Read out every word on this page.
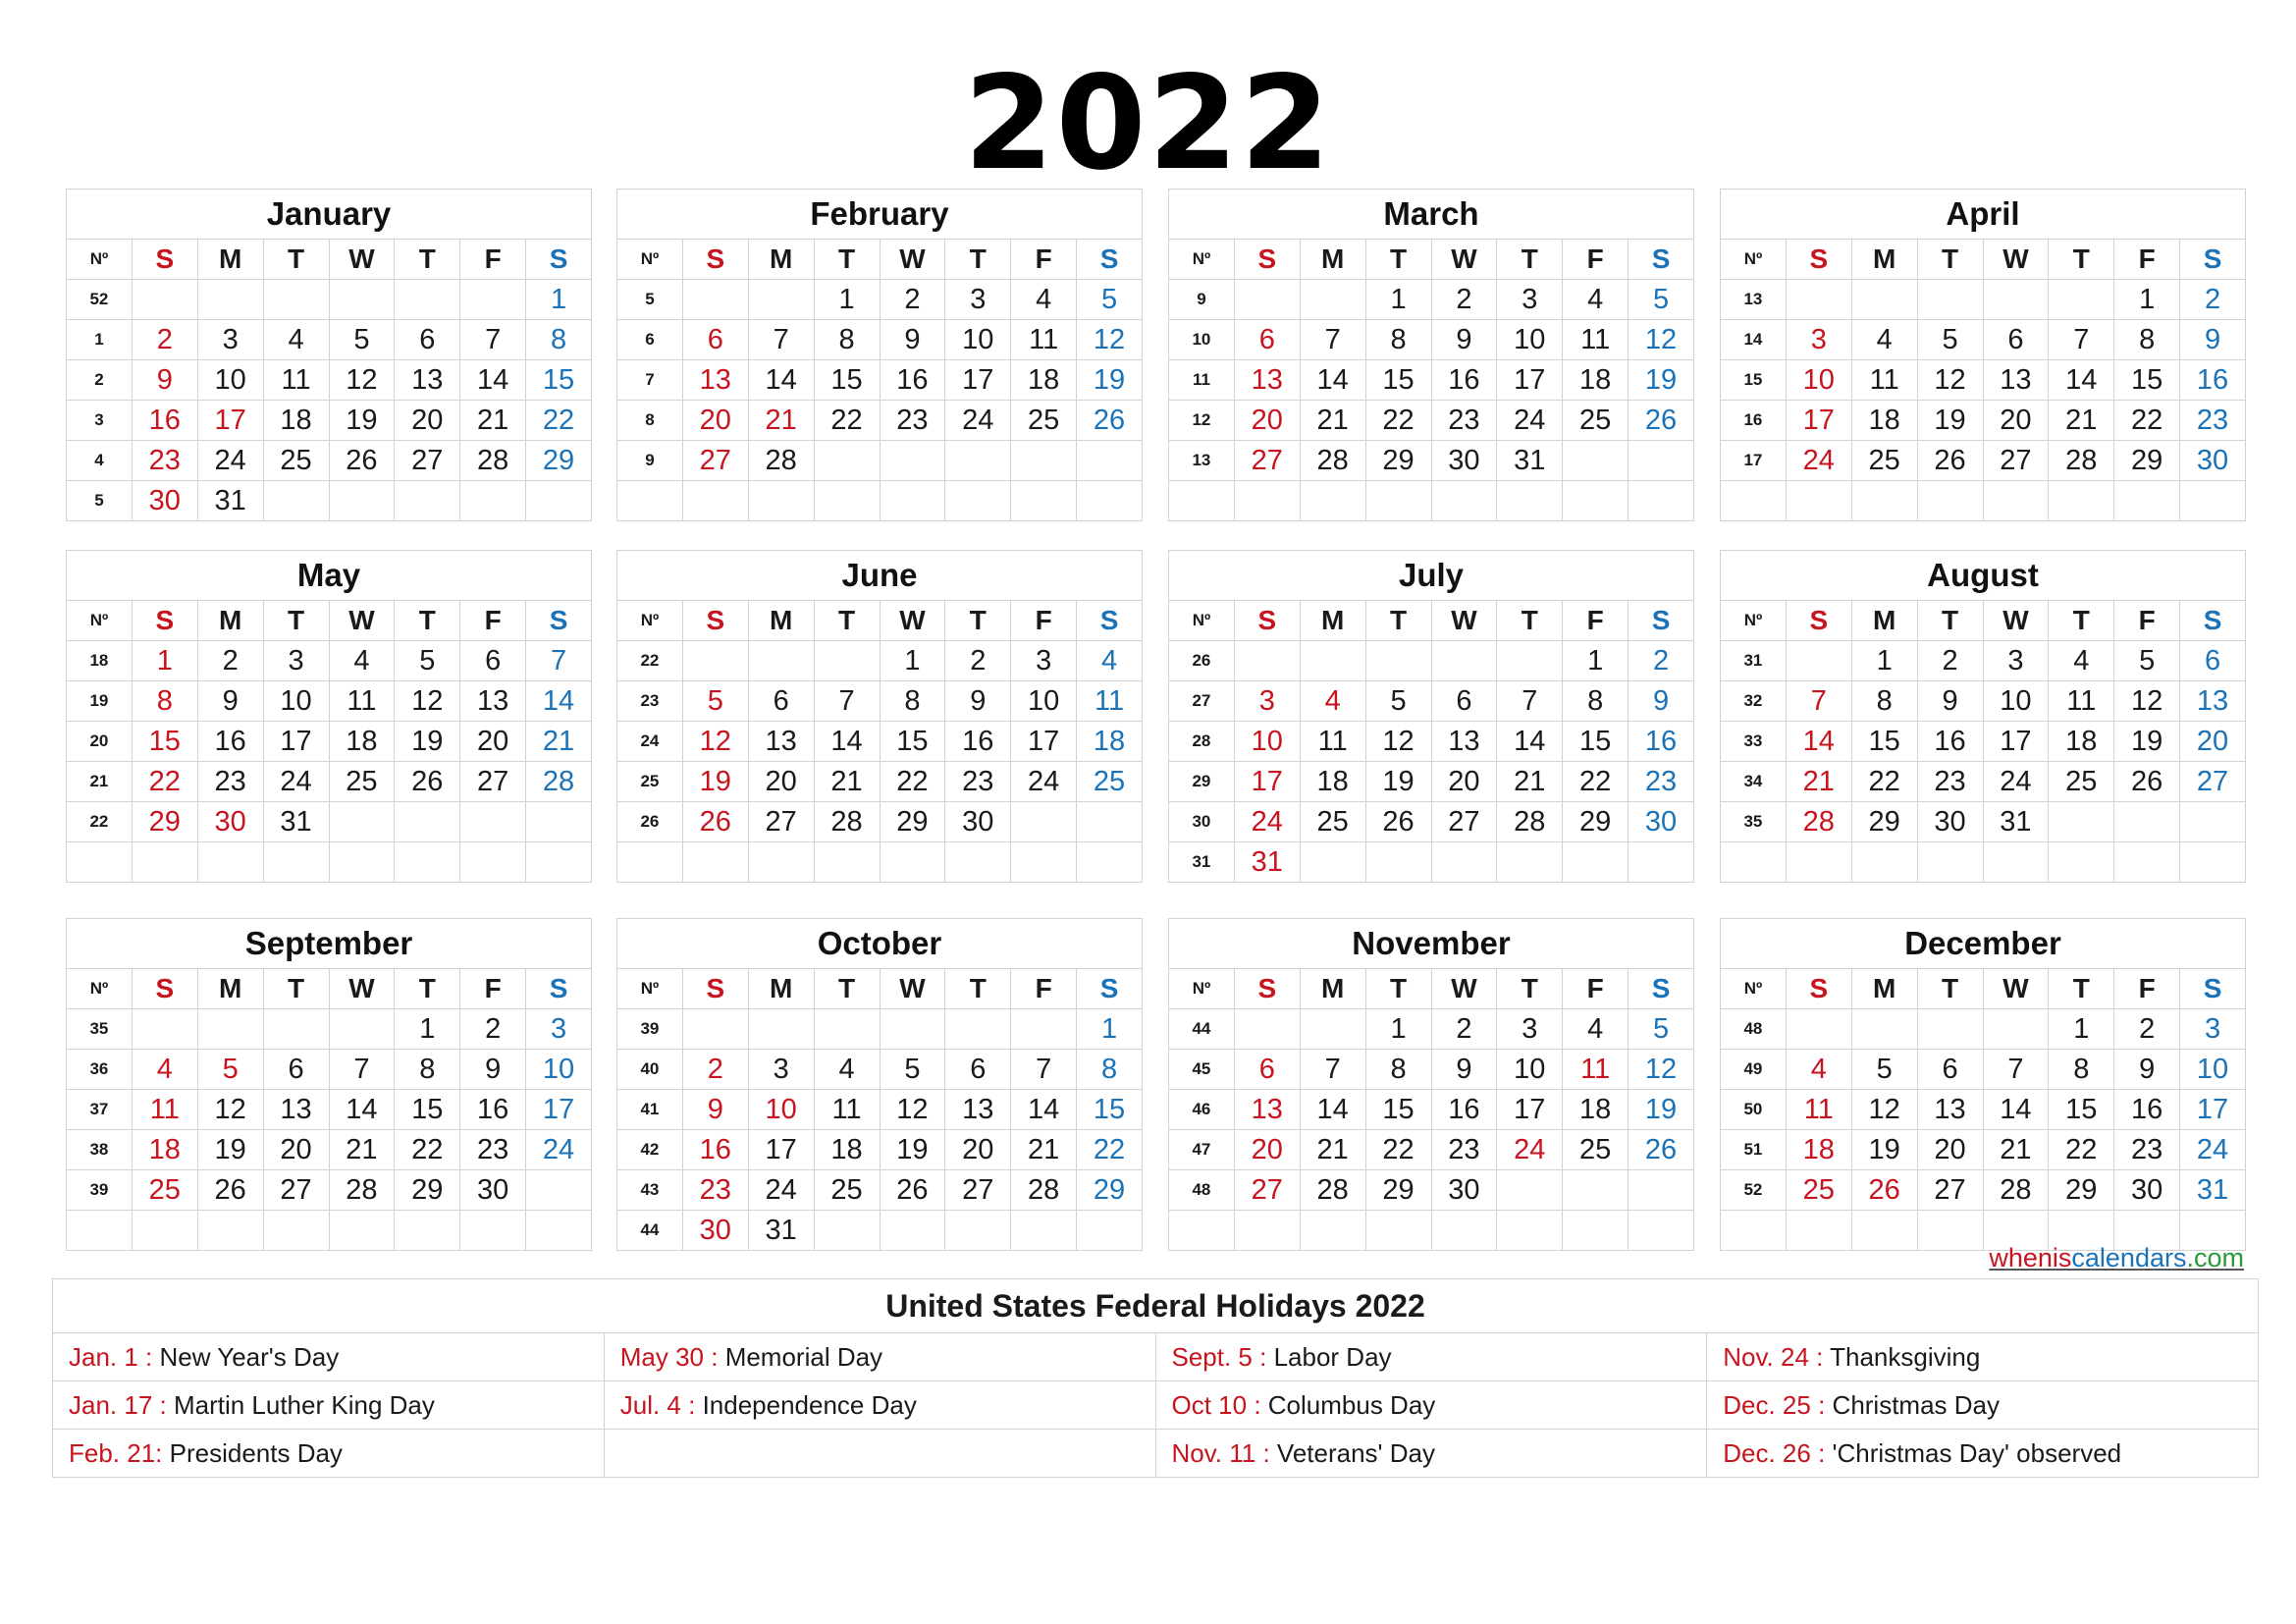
2022
January							
Nº	S	M	T	W	T	F	S
52							1
1	2	3	4	5	6	7	8
2	9	10	11	12	13	14	15
3	16	17	18	19	20	21	22
4	23	24	25	26	27	28	29
5	30	31					
February							
Nº	S	M	T	W	T	F	S
5			1	2	3	4	5
6	6	7	8	9	10	11	12
7	13	14	15	16	17	18	19
8	20	21	22	23	24	25	26
9	27	28					

March							
Nº	S	M	T	W	T	F	S
9			1	2	3	4	5
10	6	7	8	9	10	11	12
11	13	14	15	16	17	18	19
12	20	21	22	23	24	25	26
13	27	28	29	30	31		

April							
Nº	S	M	T	W	T	F	S
13						1	2
14	3	4	5	6	7	8	9
15	10	11	12	13	14	15	16
16	17	18	19	20	21	22	23
17	24	25	26	27	28	29	30

May							
Nº	S	M	T	W	T	F	S
18	1	2	3	4	5	6	7
19	8	9	10	11	12	13	14
20	15	16	17	18	19	20	21
21	22	23	24	25	26	27	28
22	29	30	31				

June							
Nº	S	M	T	W	T	F	S
22				1	2	3	4
23	5	6	7	8	9	10	11
24	12	13	14	15	16	17	18
25	19	20	21	22	23	24	25
26	26	27	28	29	30		

July							
Nº	S	M	T	W	T	F	S
26						1	2
27	3	4	5	6	7	8	9
28	10	11	12	13	14	15	16
29	17	18	19	20	21	22	23
30	24	25	26	27	28	29	30
31	31						
August							
Nº	S	M	T	W	T	F	S
31		1	2	3	4	5	6
32	7	8	9	10	11	12	13
33	14	15	16	17	18	19	20
34	21	22	23	24	25	26	27
35	28	29	30	31			

September							
Nº	S	M	T	W	T	F	S
35					1	2	3
36	4	5	6	7	8	9	10
37	11	12	13	14	15	16	17
38	18	19	20	21	22	23	24
39	25	26	27	28	29	30	

October							
Nº	S	M	T	W	T	F	S
39							1
40	2	3	4	5	6	7	8
41	9	10	11	12	13	14	15
42	16	17	18	19	20	21	22
43	23	24	25	26	27	28	29
44	30	31					
November							
Nº	S	M	T	W	T	F	S
44			1	2	3	4	5
45	6	7	8	9	10	11	12
46	13	14	15	16	17	18	19
47	20	21	22	23	24	25	26
48	27	28	29	30			

December							
Nº	S	M	T	W	T	F	S
48					1	2	3
49	4	5	6	7	8	9	10
50	11	12	13	14	15	16	17
51	18	19	20	21	22	23	24
52	25	26	27	28	29	30	31

wheniscalendars.com
United States Federal Holidays 2022			
Jan. 1 : New Year's Day	May 30 : Memorial Day	Sept. 5 : Labor Day	Nov. 24 : Thanksgiving
Jan. 17 : Martin Luther King Day	Jul. 4 : Independence Day	Oct 10 : Columbus Day	Dec. 25 : Christmas Day
Feb. 21: Presidents Day		Nov. 11 : Veterans' Day	Dec. 26 : 'Christmas Day' observed
